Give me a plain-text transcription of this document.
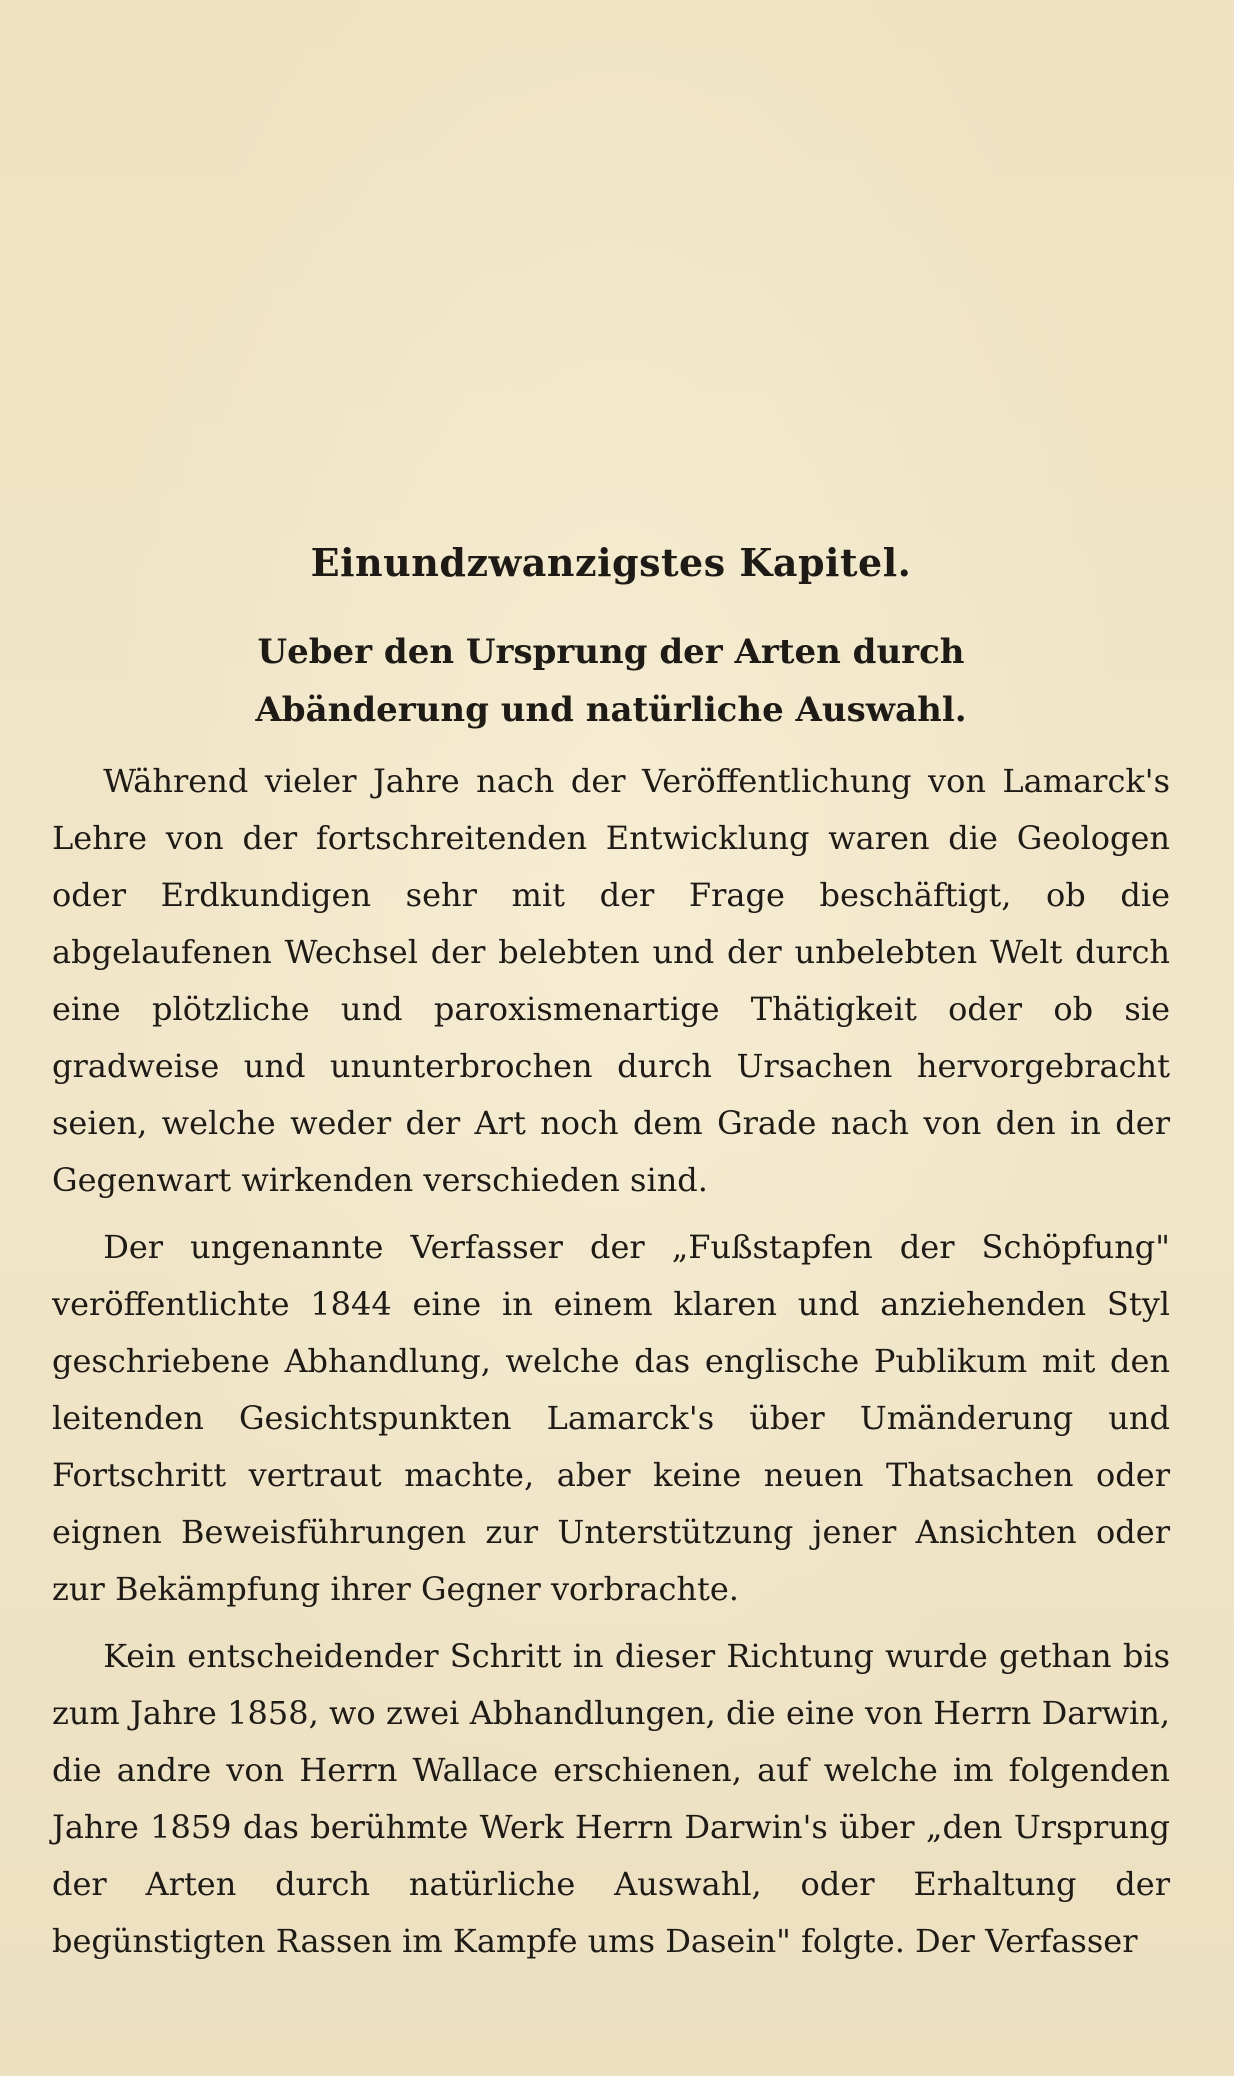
Einundzwanzigstes Kapitel.
Ueber den Ursprung der Arten durch Abänderung und natürliche Auswahl.

Während vieler Jahre nach der Veröffentlichung von Lamarck's Lehre von der fortschreitenden Entwicklung waren die Geologen oder Erdkundigen sehr mit der Frage beschäftigt, ob die abgelaufenen Wechsel der belebten und der unbelebten Welt durch eine plötzliche und paroxismenartige Thätigkeit oder ob sie gradweise und ununterbrochen durch Ursachen hervorgebracht seien, welche weder der Art noch dem Grade nach von den in der Gegenwart wirkenden verschieden sind.

Der ungenannte Verfasser der „Fußstapfen der Schöpfung" veröffentlichte 1844 eine in einem klaren und anziehenden Styl geschriebene Abhandlung, welche das englische Publikum mit den leitenden Gesichtspunkten Lamarck's über Umänderung und Fortschritt vertraut machte, aber keine neuen Thatsachen oder eignen Beweisführungen zur Unterstützung jener Ansichten oder zur Bekämpfung ihrer Gegner vorbrachte.

Kein entscheidender Schritt in dieser Richtung wurde gethan bis zum Jahre 1858, wo zwei Abhandlungen, die eine von Herrn Darwin, die andre von Herrn Wallace erschienen, auf welche im folgenden Jahre 1859 das berühmte Werk Herrn Darwin's über „den Ursprung der Arten durch natürliche Auswahl, oder Erhaltung der begünstigten Rassen im Kampfe ums Dasein" folgte. Der Verfasser
